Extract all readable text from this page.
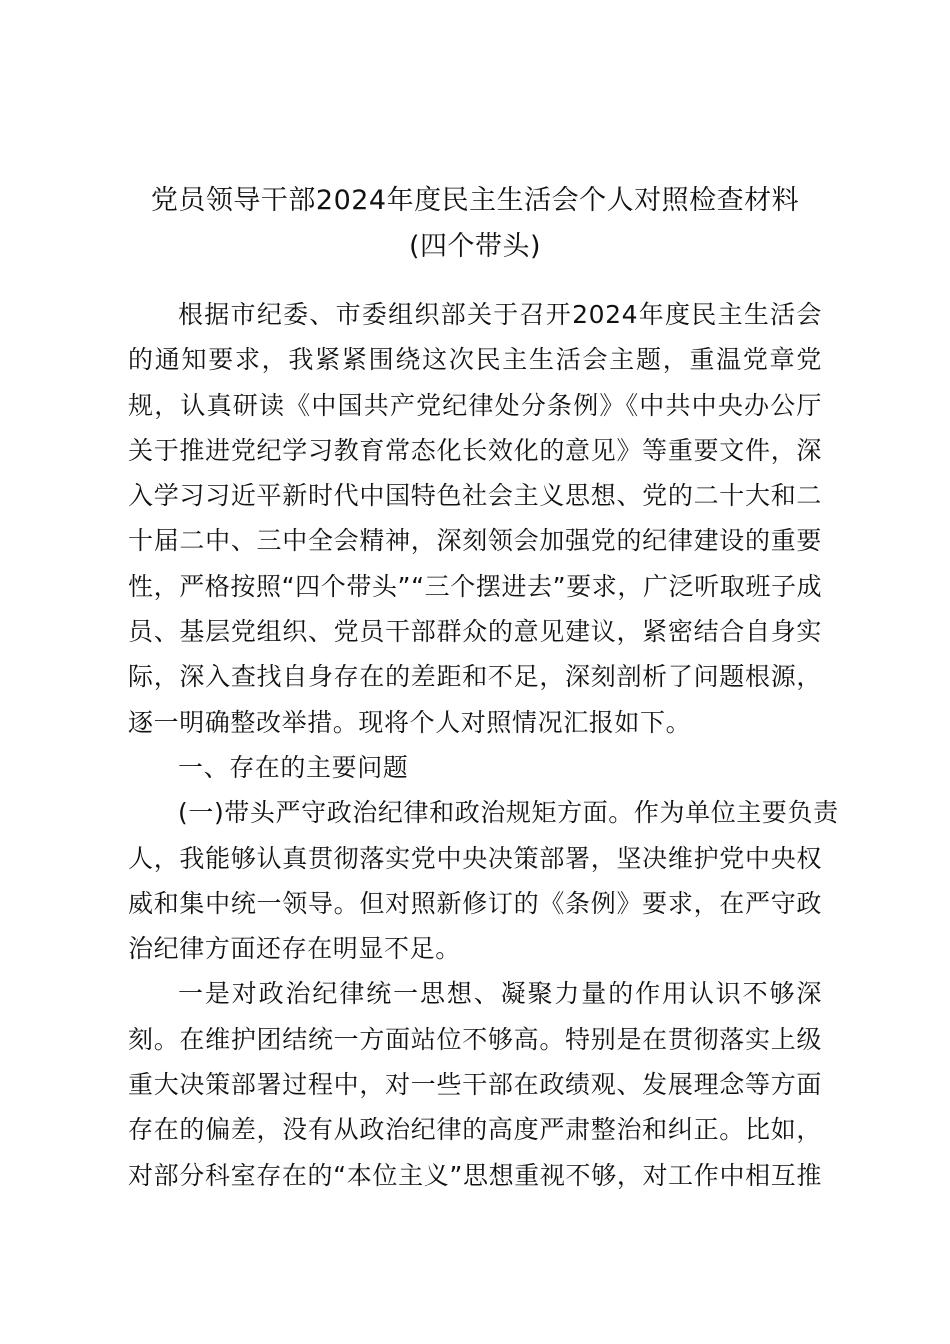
党员领导干部2024年度民主生活会个人对照检查材料
(四个带头)
根据市纪委、市委组织部关于召开2024年度民主生活会
的通知要求，我紧紧围绕这次民主生活会主题，重温党章党
规，认真研读《中国共产党纪律处分条例》《中共中央办公厅
关于推进党纪学习教育常态化长效化的意见》等重要文件，深
入学习习近平新时代中国特色社会主义思想、党的二十大和二
十届二中、三中全会精神，深刻领会加强党的纪律建设的重要
性，严格按照“四个带头”“三个摆进去”要求，广泛听取班子成
员、基层党组织、党员干部群众的意见建议，紧密结合自身实
际，深入查找自身存在的差距和不足，深刻剖析了问题根源，
逐一明确整改举措。现将个人对照情况汇报如下。
一、存在的主要问题
(一)带头严守政治纪律和政治规矩方面。作为单位主要负责
人，我能够认真贯彻落实党中央决策部署，坚决维护党中央权
威和集中统一领导。但对照新修订的《条例》要求，在严守政
治纪律方面还存在明显不足。
一是对政治纪律统一思想、凝聚力量的作用认识不够深
刻。在维护团结统一方面站位不够高。特别是在贯彻落实上级
重大决策部署过程中，对一些干部在政绩观、发展理念等方面
存在的偏差，没有从政治纪律的高度严肃整治和纠正。比如，
对部分科室存在的“本位主义”思想重视不够，对工作中相互推
